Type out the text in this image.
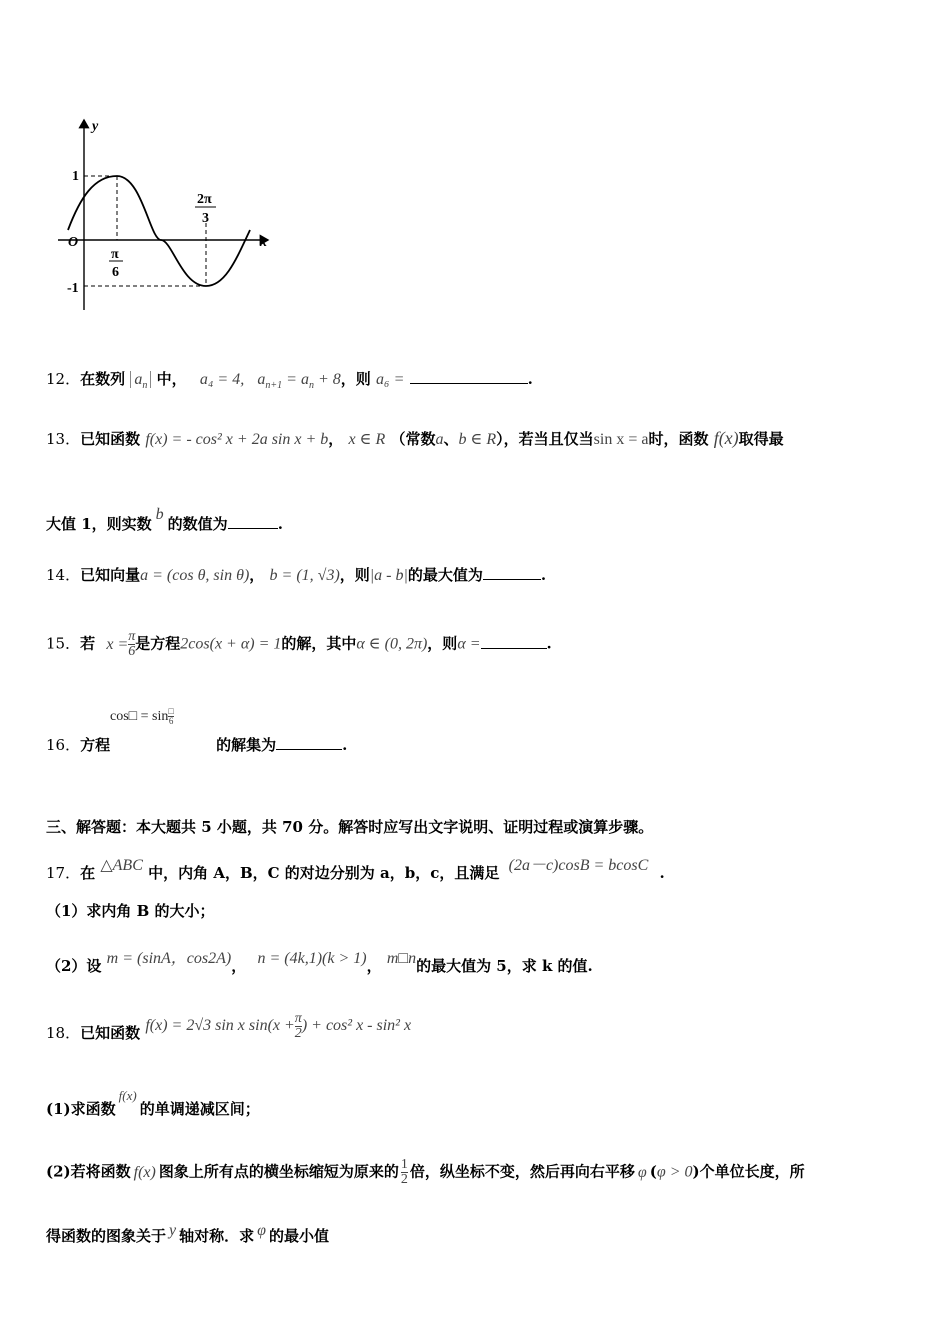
y
x
O
1
-1
π
6
2π
3
12．在数列 $a_n$ 中， a₄ = 4, $a_{n+1} = a_n + 8$，则 a₆ =	.
13．已知函数 f(x) = - cos² x + 2a sin x + b， x ∈ R （常数a、b ∈ R），若当且仅当sin x = a时，函数 f(x)取得最
大值 1，则实数b的数值为	.
14．已知向量a = (cos θ, sin θ)， b = (1, √3)，则|a - b|的最大值为	.
15．若 $x = \frac{\pi}{6}$ 是方程2cos(x + α) = 1的解，其中α ∈ (0, 2π)，则α =	.
cos□ = $\sin \frac{□}{6}$
16．方程	的解集为	.
三、解答题：本大题共 5 小题，共 70 分。解答时应写出文字说明、证明过程或演算步骤。
17．在 △ABC 中，内角 A，B，C 的对边分别为 a，b，c，且满足 (2a－c)cosB = bcosC .
（1）求内角 B 的大小；
（2）设 m = (sinA，cos2A)， n = (4k,1)(k > 1)， m□n的最大值为 5，求 k 的值.
18．已知函数 f(x) = 2√3 sin x $\sin(x + \frac{\pi}{2}$ ) + cos² x - sin² x
(1)求函数f(x)的单调递减区间；
(2)若将函数 f(x) 图象上所有点的横坐标缩短为原来的 $\frac{1}{2}$ 倍，纵坐标不变，然后再向右平移 φ (φ > 0)个单位长度，所
得函数的图象关于 y 轴对称．求 φ 的最小值
